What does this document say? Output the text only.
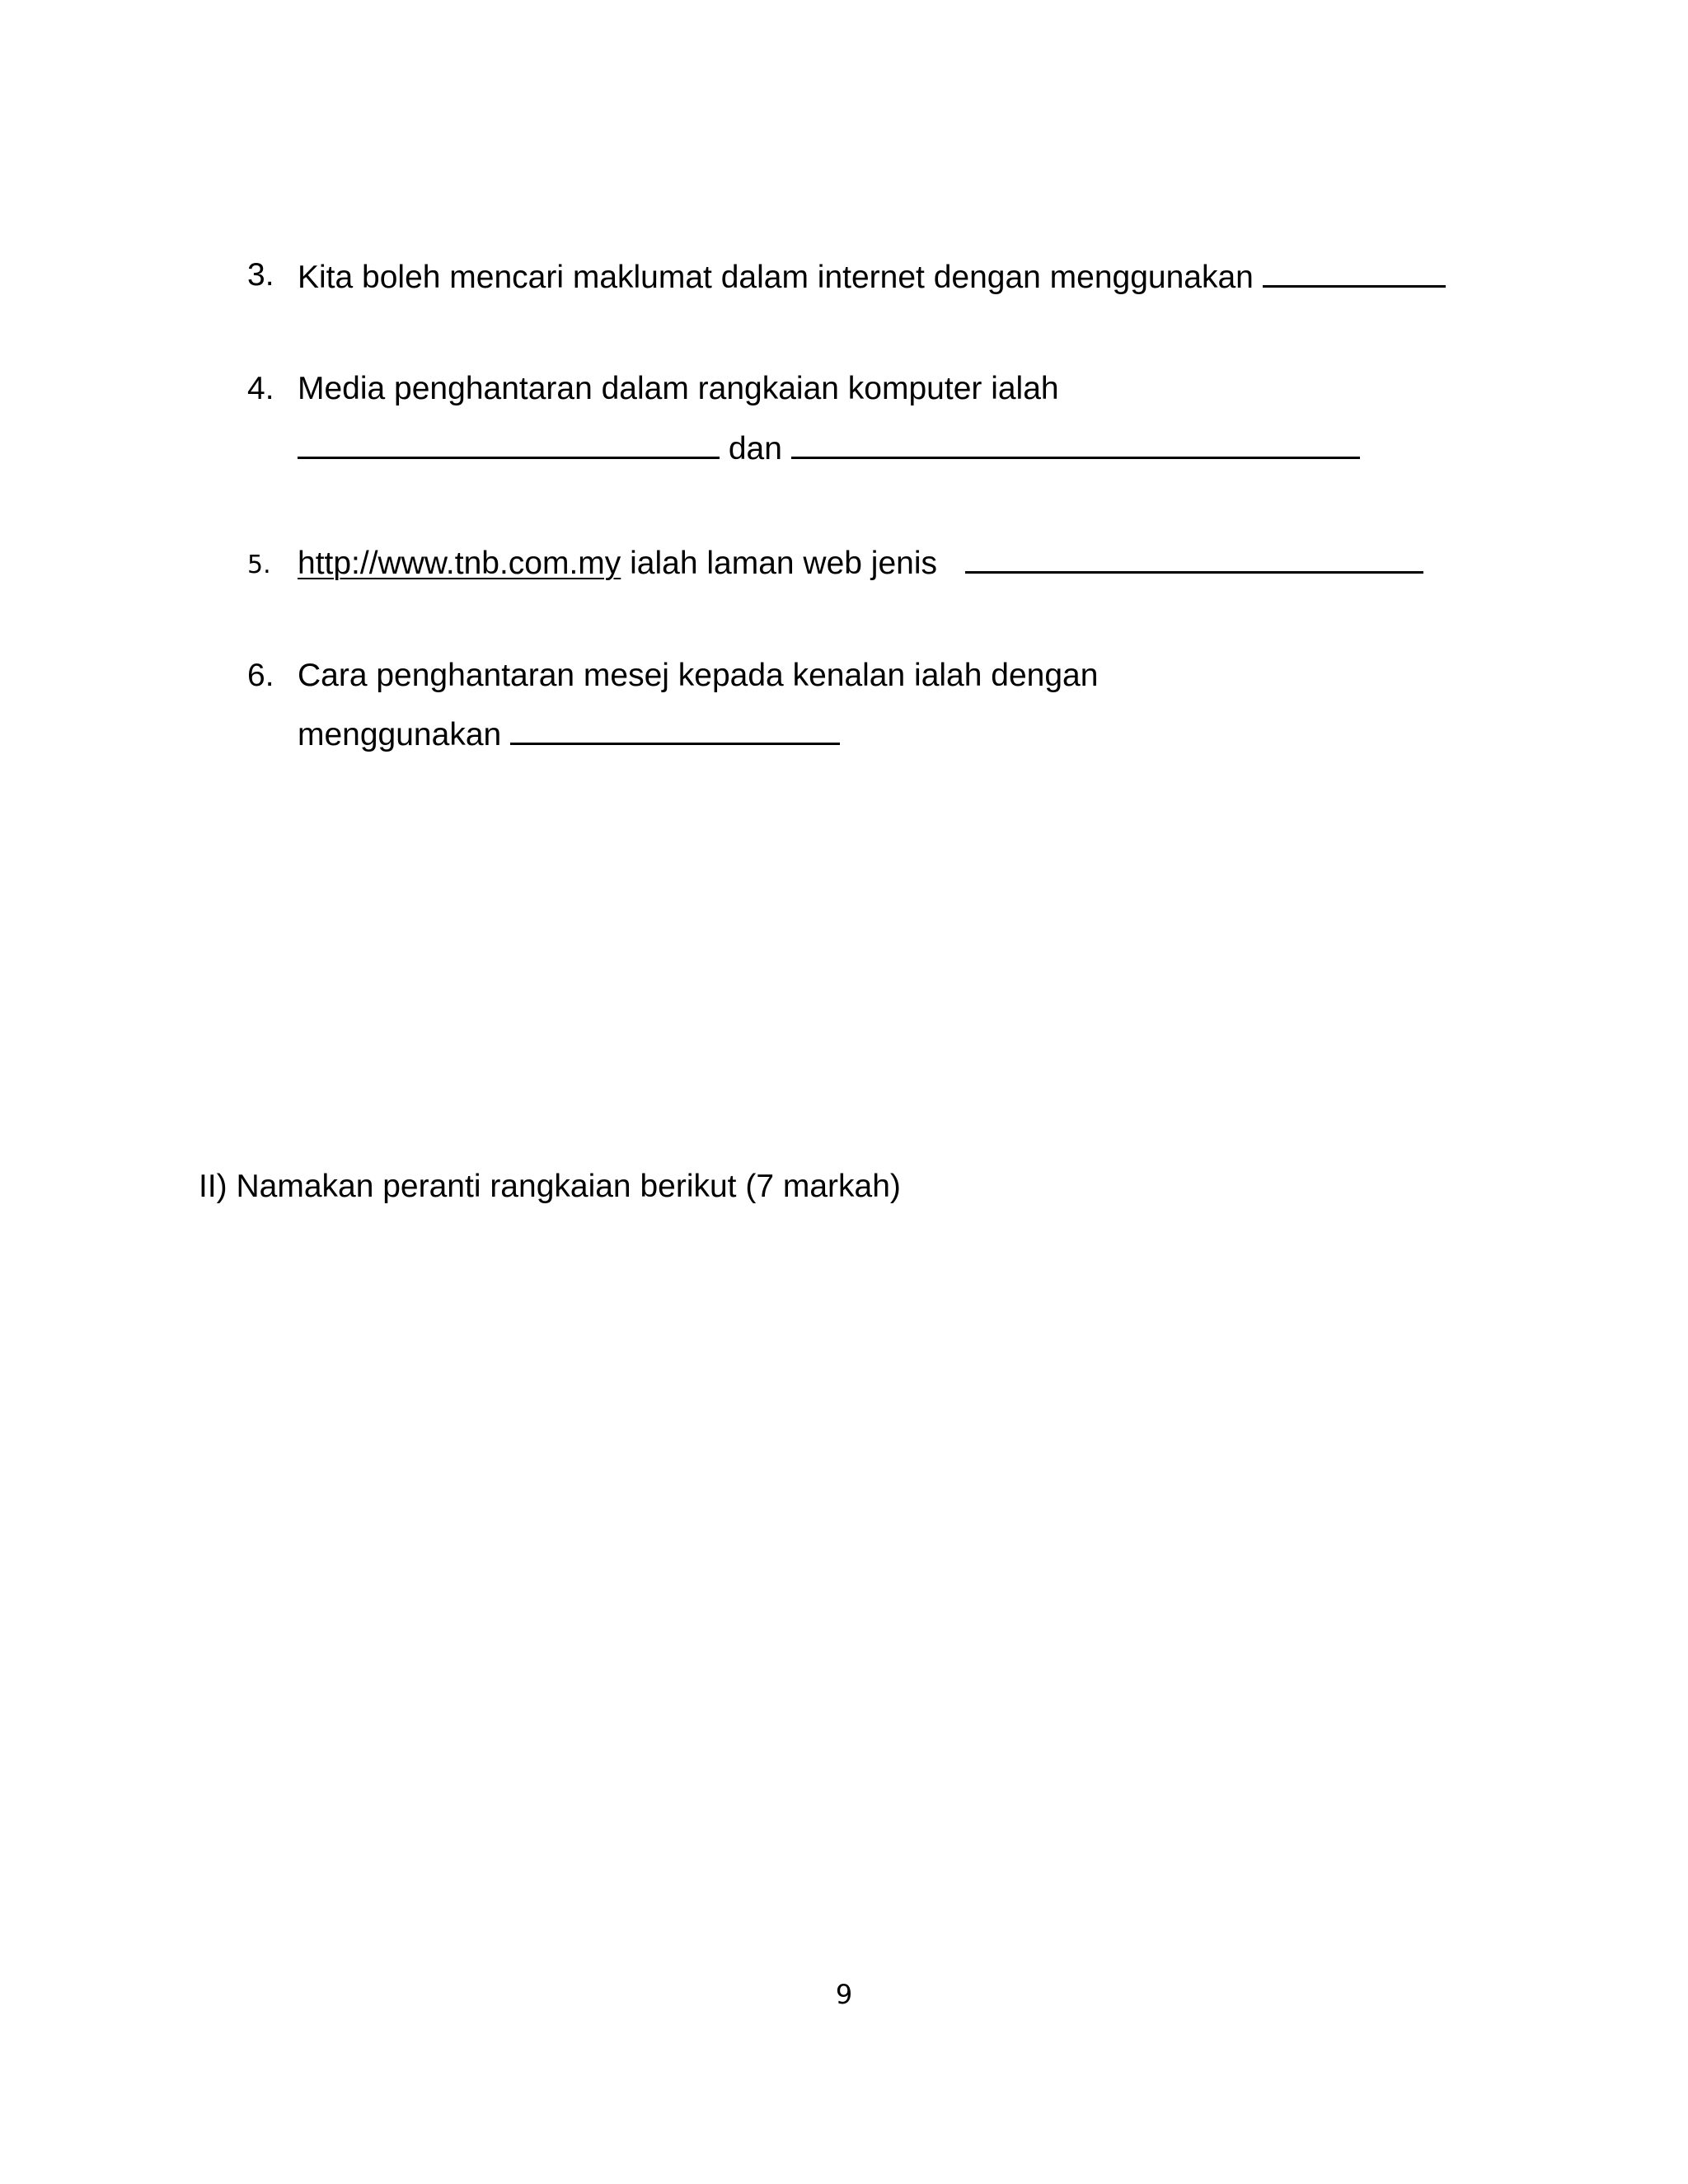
3. Kita boleh mencari maklumat dalam internet dengan menggunakan
4. Media penghantaran dalam rangkaian komputer ialah
dan
5. http://www.tnb.com.my ialah laman web jenis
6. Cara penghantaran mesej kepada kenalan ialah dengan
menggunakan
II) Namakan peranti rangkaian berikut (7 markah)
9
